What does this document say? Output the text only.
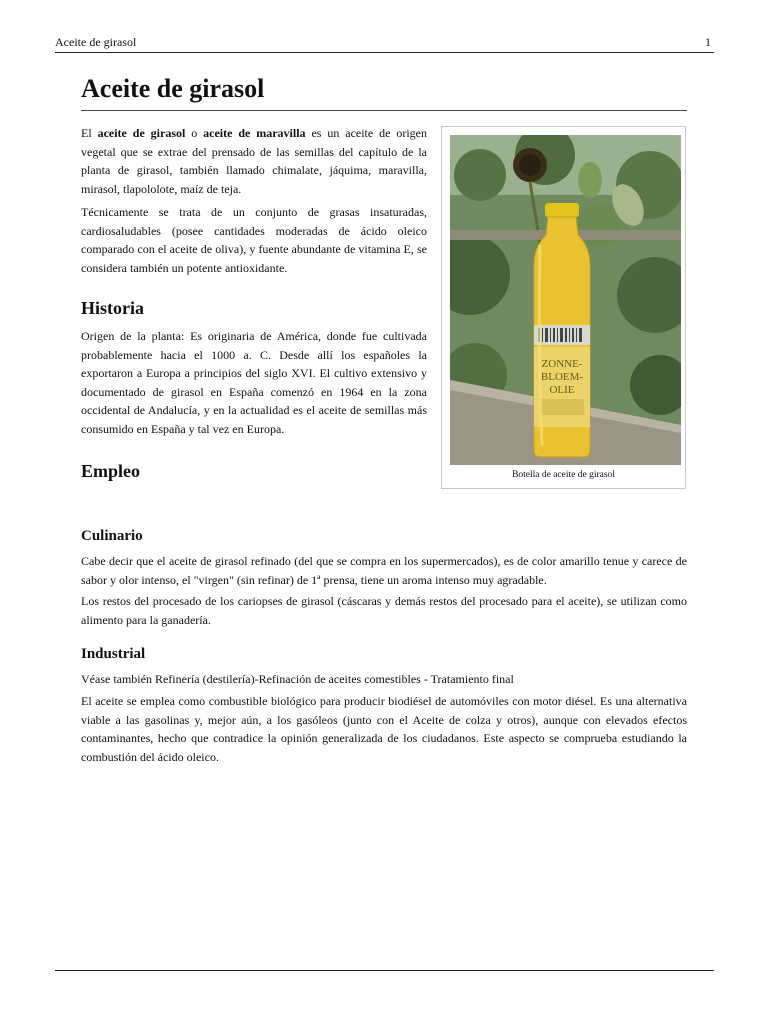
Aceite de girasol	1
Aceite de girasol

El aceite de girasol o aceite de maravilla es un aceite de origen vegetal que se extrae del prensado de las semillas del capítulo de la planta de girasol, también llamado chimalate, jáquima, maravilla, mirasol, tlapololote, maíz de teja.

Técnicamente se trata de un conjunto de grasas insaturadas, cardiosaludables (posee cantidades moderadas de ácido oleico comparado con el aceite de oliva), y fuente abundante de vitamina E, se considera también un potente antioxidante.

Historia

Origen de la planta: Es originaria de América, donde fue cultivada probablemente hacia el 1000 a. C. Desde allí los españoles la exportaron a Europa a principios del siglo XVI. El cultivo extensivo y documentado de girasol en España comenzó en 1964 en la zona occidental de Andalucía, y en la actualidad es el aceite de semillas más consumido en España y tal vez en Europa.

Empleo
Culinario

Cabe decir que el aceite de girasol refinado (del que se compra en los supermercados), es de color amarillo tenue y carece de sabor y olor intenso, el "virgen" (sin refinar) de 1ª prensa, tiene un aroma intenso muy agradable.

Los restos del procesado de los cariopses de girasol (cáscaras y demás restos del procesado para el aceite), se utilizan como alimento para la ganadería.

Industrial

Véase también Refinería (destilería)-Refinación de aceites comestibles - Tratamiento final

El aceite se emplea como combustible biológico para producir biodiésel de automóviles con motor diésel. Es una alternativa viable a las gasolinas y, mejor aún, a los gasóleos (junto con el Aceite de colza y otros), aunque con elevados efectos contaminantes, hecho que contradice la opinión generalizada de los ciudadanos. Este aspecto se comprueba estudiando la combustión del ácido oleico.

ZONNE-
BLOEM-
OLIE
Botella de aceite de girasol
